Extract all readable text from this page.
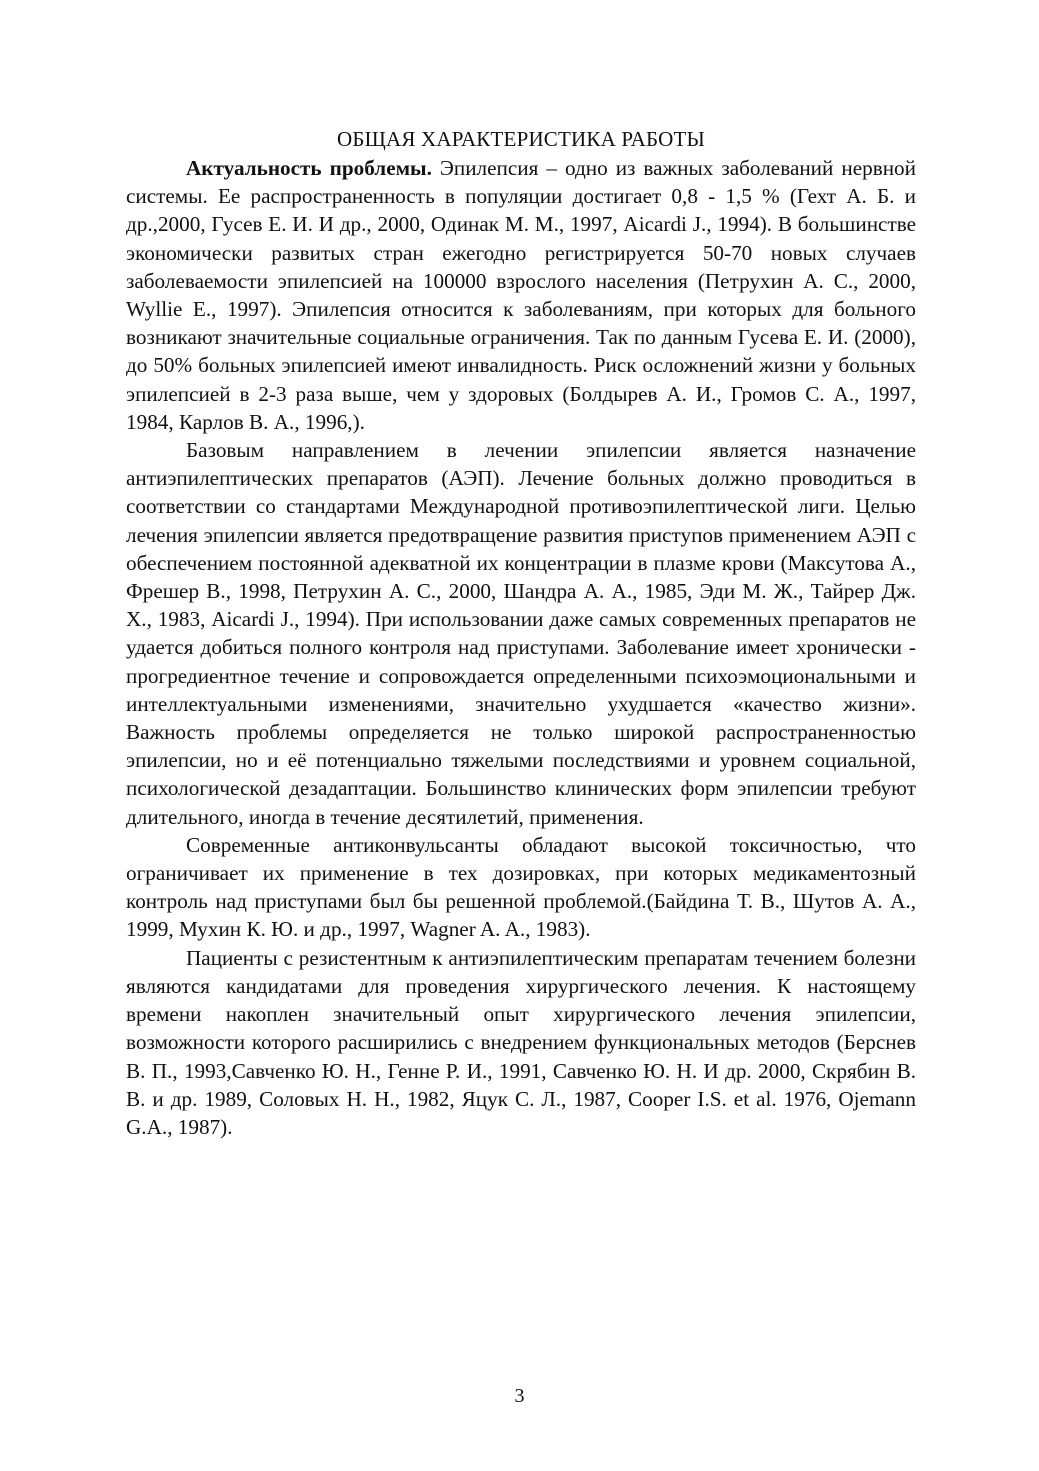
ОБЩАЯ ХАРАКТЕРИСТИКА РАБОТЫ

Актуальность проблемы. Эпилепсия – одно из важных заболеваний нервной системы. Ее распространенность в популяции достигает 0,8 - 1,5 % (Гехт А. Б. и др.,2000, Гусев Е. И. И др., 2000, Одинак М. М., 1997, Aicardi J., 1994). В большинстве экономически развитых стран ежегодно регистрируется 50-70 новых случаев заболеваемости эпилепсией на 100000 взрослого населения (Петрухин А. С., 2000, Wyllie E., 1997). Эпилепсия относится к заболеваниям, при которых для больного возникают значительные социальные ограничения. Так по данным Гусева Е. И. (2000), до 50% больных эпилепсией имеют инвалидность. Риск осложнений жизни у больных эпилепсией в 2-3 раза выше, чем у здоровых (Болдырев А. И., Громов С. А., 1997, 1984, Карлов В. А., 1996,).

Базовым направлением в лечении эпилепсии является назначение антиэпилептических препаратов (АЭП). Лечение больных должно проводиться в соответствии со стандартами Международной противоэпилептической лиги. Целью лечения эпилепсии является предотвращение развития приступов применением АЭП с обеспечением постоянной адекватной их концентрации в плазме крови (Максутова А., Фрешер В., 1998, Петрухин А. С., 2000, Шандра А. А., 1985, Эди М. Ж., Тайрер Дж. Х., 1983, Aicardi J., 1994). При использовании даже самых современных препаратов не удается добиться полного контроля над приступами. Заболевание имеет хронически - прогредиентное течение и сопровождается определенными психоэмоциональными и интеллектуальными изменениями, значительно ухудшается «качество жизни». Важность проблемы определяется не только широкой распространенностью эпилепсии, но и её потенциально тяжелыми последствиями и уровнем социальной, психологической дезадаптации. Большинство клинических форм эпилепсии требуют длительного, иногда в течение десятилетий, применения.

Современные антиконвульсанты обладают высокой токсичностью, что ограничивает их применение в тех дозировках, при которых медикаментозный контроль над приступами был бы решенной проблемой.(Байдина Т. В., Шутов А. А., 1999, Мухин К. Ю. и др., 1997, Wagner A. A., 1983).

Пациенты с резистентным к антиэпилептическим препаратам течением болезни являются кандидатами для проведения хирургического лечения. К настоящему времени накоплен значительный опыт хирургического лечения эпилепсии, возможности которого расширились с внедрением функциональных методов (Берснев В. П., 1993,Савченко Ю. Н., Генне Р. И., 1991, Савченко Ю. Н. И др. 2000, Скрябин В. В. и др. 1989, Соловых Н. Н., 1982, Яцук С. Л., 1987, Cooper I.S. et al. 1976, Ojemann G.A., 1987).

3
